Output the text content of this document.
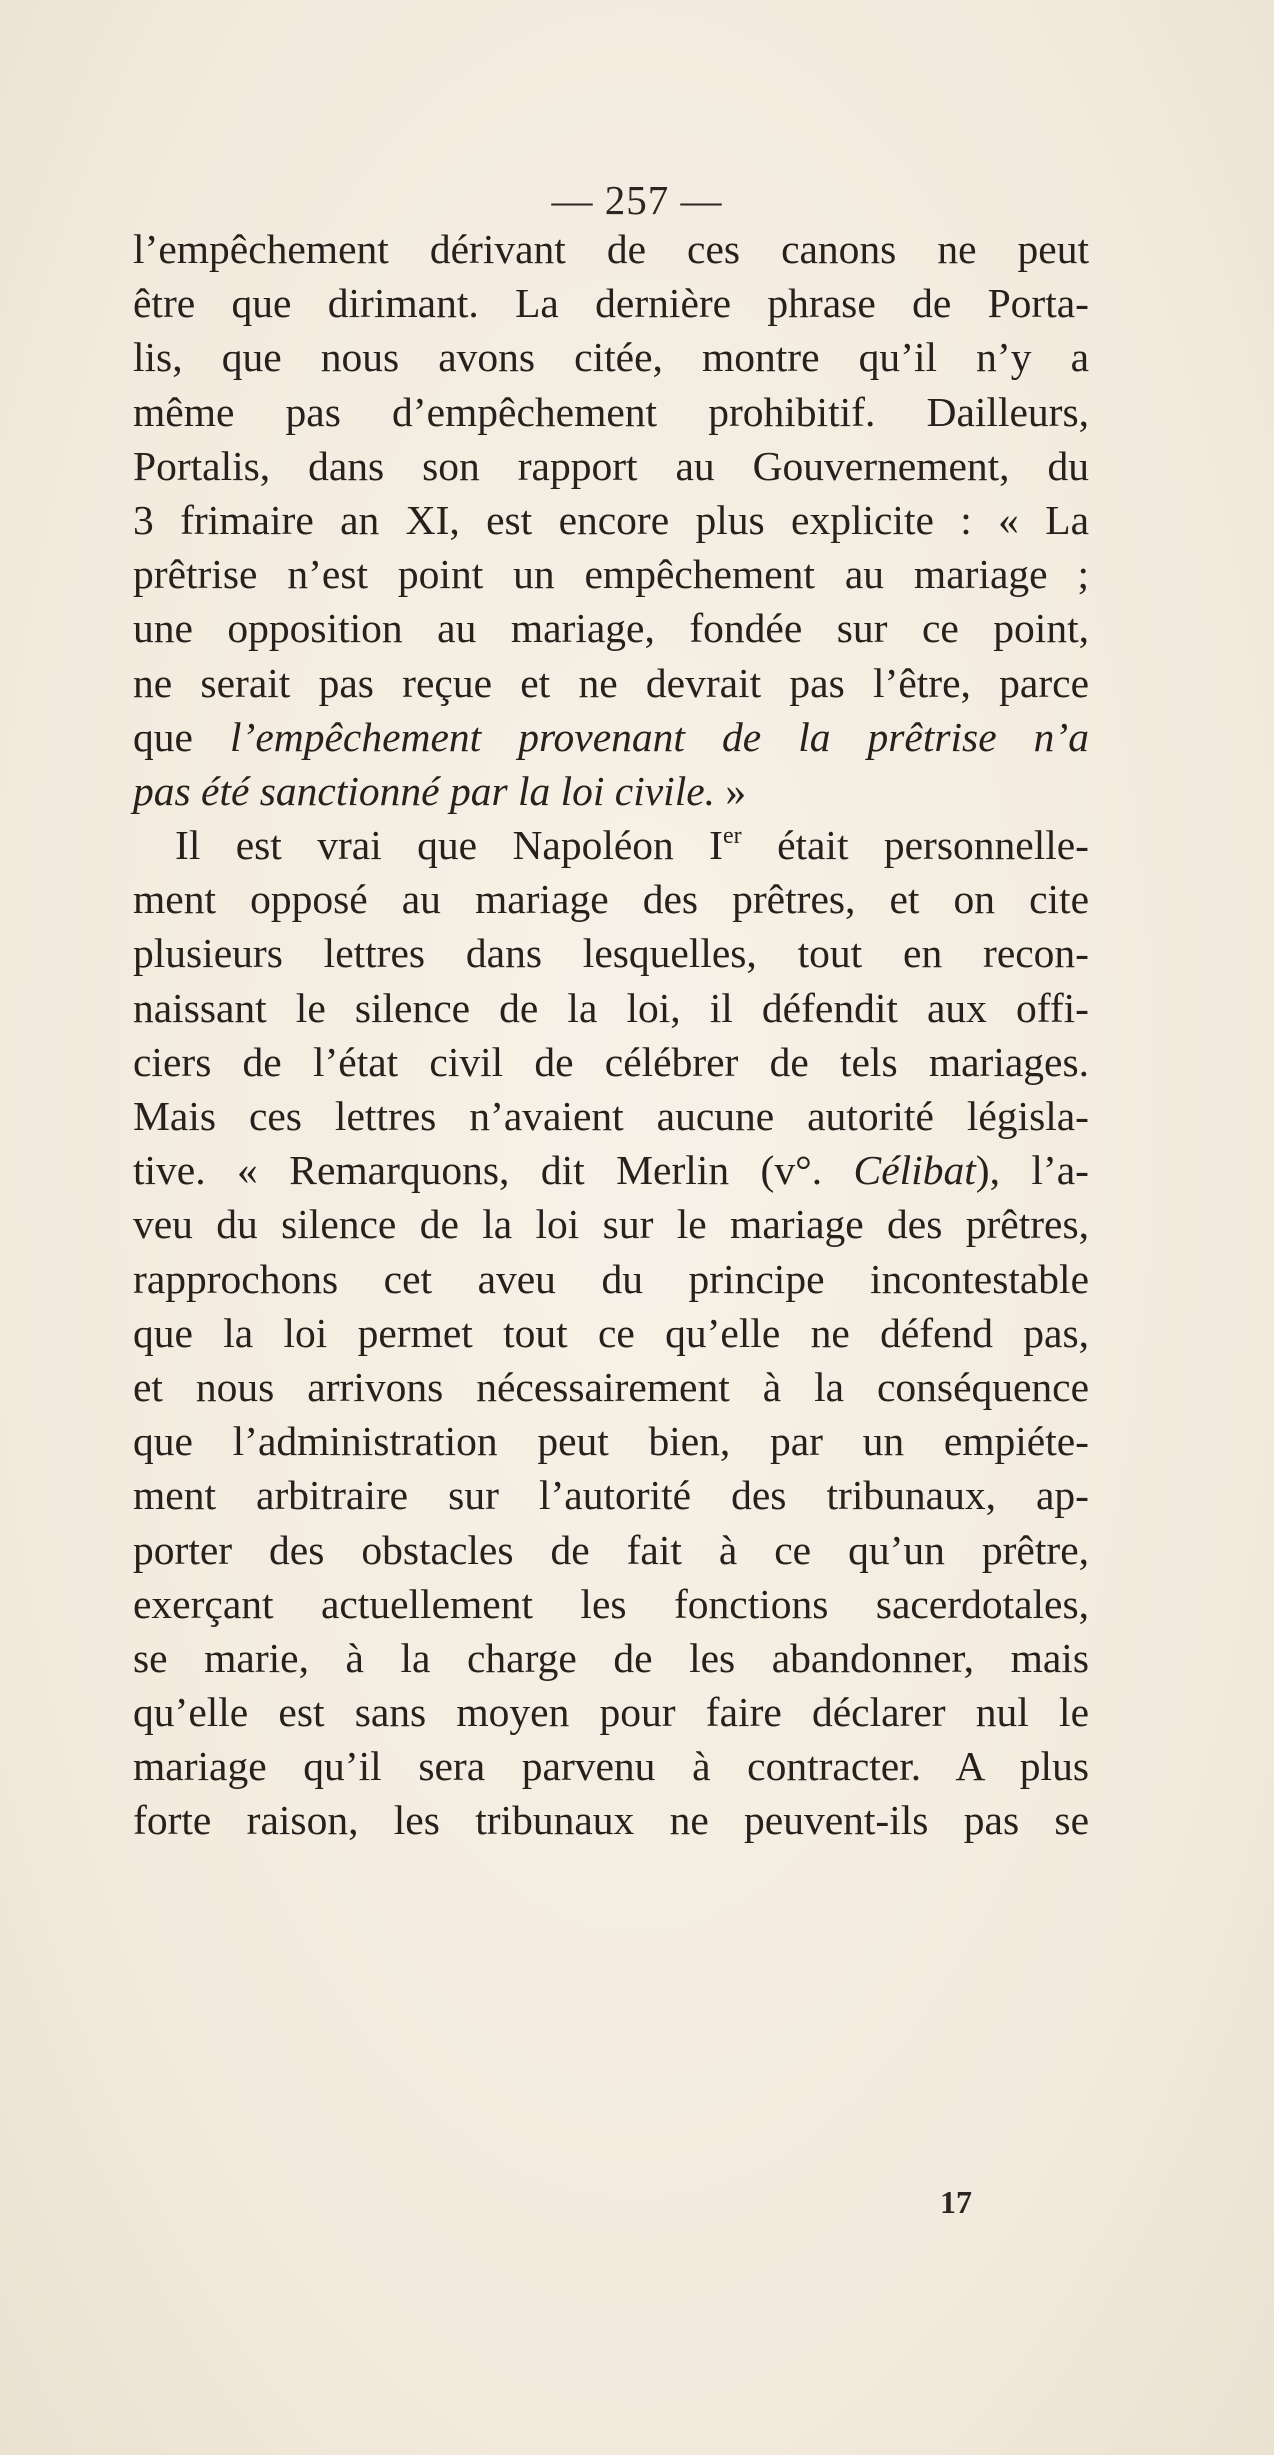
— 257 —
l’empêchement dérivant de ces canons ne peut
être que dirimant. La dernière phrase de Porta-
lis, que nous avons citée, montre qu’il n’y a
même pas d’empêchement prohibitif. Dailleurs,
Portalis, dans son rapport au Gouvernement, du
3 frimaire an XI, est encore plus explicite : « La
prêtrise n’est point un empêchement au mariage ;
une opposition au mariage, fondée sur ce point,
ne serait pas reçue et ne devrait pas l’être, parce
que l’empêchement provenant de la prêtrise n’a
pas été sanctionné par la loi civile. »
Il est vrai que Napoléon Ier était personnelle-
ment opposé au mariage des prêtres, et on cite
plusieurs lettres dans lesquelles, tout en recon-
naissant le silence de la loi, il défendit aux offi-
ciers de l’état civil de célébrer de tels mariages.
Mais ces lettres n’avaient aucune autorité législa-
tive. « Remarquons, dit Merlin (v°. Célibat), l’a-
veu du silence de la loi sur le mariage des prêtres,
rapprochons cet aveu du principe incontestable
que la loi permet tout ce qu’elle ne défend pas,
et nous arrivons nécessairement à la conséquence
que l’administration peut bien, par un empiéte-
ment arbitraire sur l’autorité des tribunaux, ap-
porter des obstacles de fait à ce qu’un prêtre,
exerçant actuellement les fonctions sacerdotales,
se marie, à la charge de les abandonner, mais
qu’elle est sans moyen pour faire déclarer nul le
mariage qu’il sera parvenu à contracter. A plus
forte raison, les tribunaux ne peuvent-ils pas se
17
